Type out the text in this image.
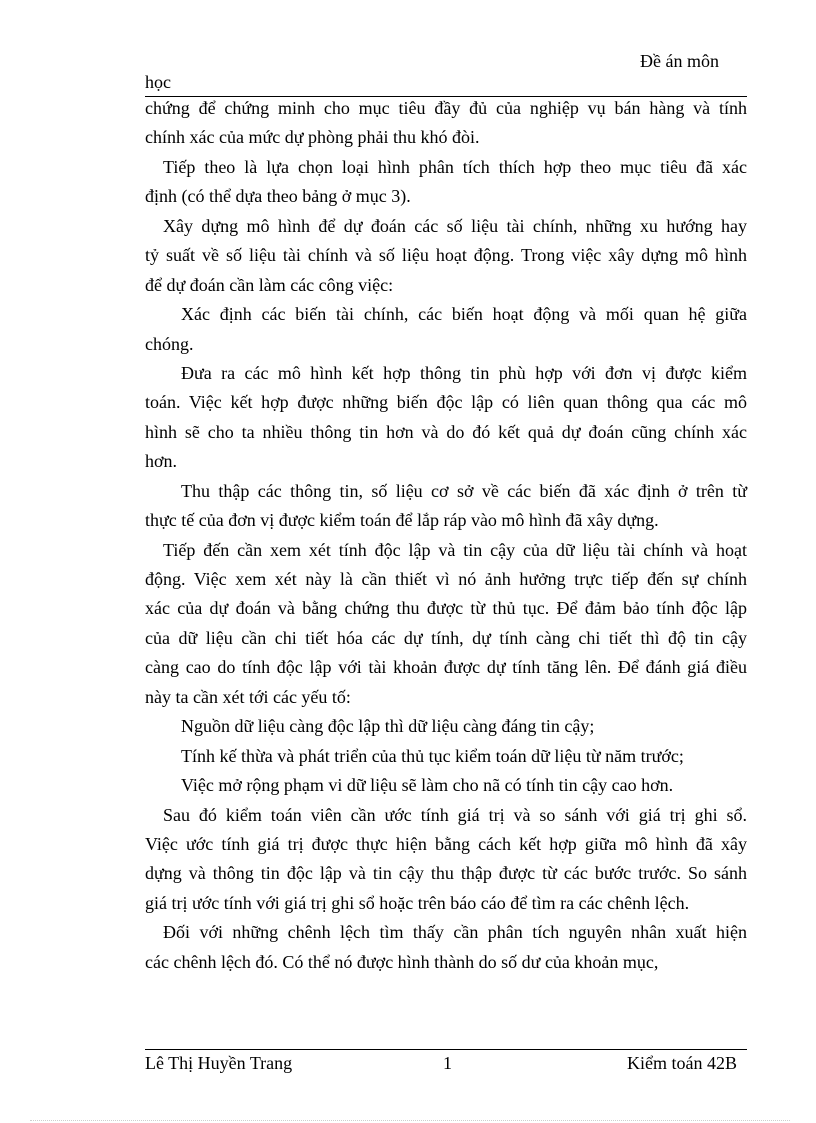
Đề án môn
học
chứng để chứng minh cho mục tiêu đầy đủ của nghiệp vụ bán hàng và tính
chính xác của mức dự phòng phải thu khó đòi.
Tiếp theo là lựa chọn loại hình phân tích thích hợp theo mục tiêu đã xác
định (có thể dựa theo bảng ở mục 3).
Xây dựng mô hình để dự đoán các số liệu tài chính, những xu hướng hay
tỷ suất về số liệu tài chính và số liệu hoạt động. Trong việc xây dựng mô hình
để dự đoán cần làm các công việc:
Xác định các biến tài chính, các biến hoạt động và mối quan hệ giữa
chóng.
Đưa ra các mô hình kết hợp thông tin phù hợp với đơn vị được kiểm
toán. Việc kết hợp được những biến độc lập có liên quan thông qua các mô
hình sẽ cho ta nhiều thông tin hơn và do đó kết quả dự đoán cũng chính xác
hơn.
Thu thập các thông tin, số liệu cơ sở về các biến đã xác định ở trên từ
thực tế của đơn vị được kiểm toán để lắp ráp vào mô hình đã xây dựng.
Tiếp đến cần xem xét tính độc lập và tin cậy của dữ liệu tài chính và hoạt
động. Việc xem xét này là cần thiết vì nó ảnh hưởng trực tiếp đến sự chính
xác của dự đoán và bằng chứng thu được từ thủ tục. Để đảm bảo tính độc lập
của dữ liệu cần chi tiết hóa các dự tính, dự tính càng chi tiết thì độ tin cậy
càng cao do tính độc lập với tài khoản được dự tính tăng lên. Để đánh giá điều
này ta cần xét tới các yếu tố:
Nguồn dữ liệu càng độc lập thì dữ liệu càng đáng tin cậy;
Tính kế thừa và phát triển của thủ tục kiểm toán dữ liệu từ năm trước;
Việc mở rộng phạm vi dữ liệu sẽ làm cho nã có tính tin cậy cao hơn.
Sau đó kiểm toán viên cần ước tính giá trị và so sánh với giá trị ghi sổ.
Việc ước tính giá trị được thực hiện bằng cách kết hợp giữa mô hình đã xây
dựng và thông tin độc lập và tin cậy thu thập được từ các bước trước. So sánh
giá trị ước tính với giá trị ghi sổ hoặc trên báo cáo để tìm ra các chênh lệch.
Đối với những chênh lệch tìm thấy cần phân tích nguyên nhân xuất hiện
các chênh lệch đó. Có thể nó được hình thành do số dư của khoản mục,
Lê Thị Huyền Trang	1	Kiểm toán 42B
